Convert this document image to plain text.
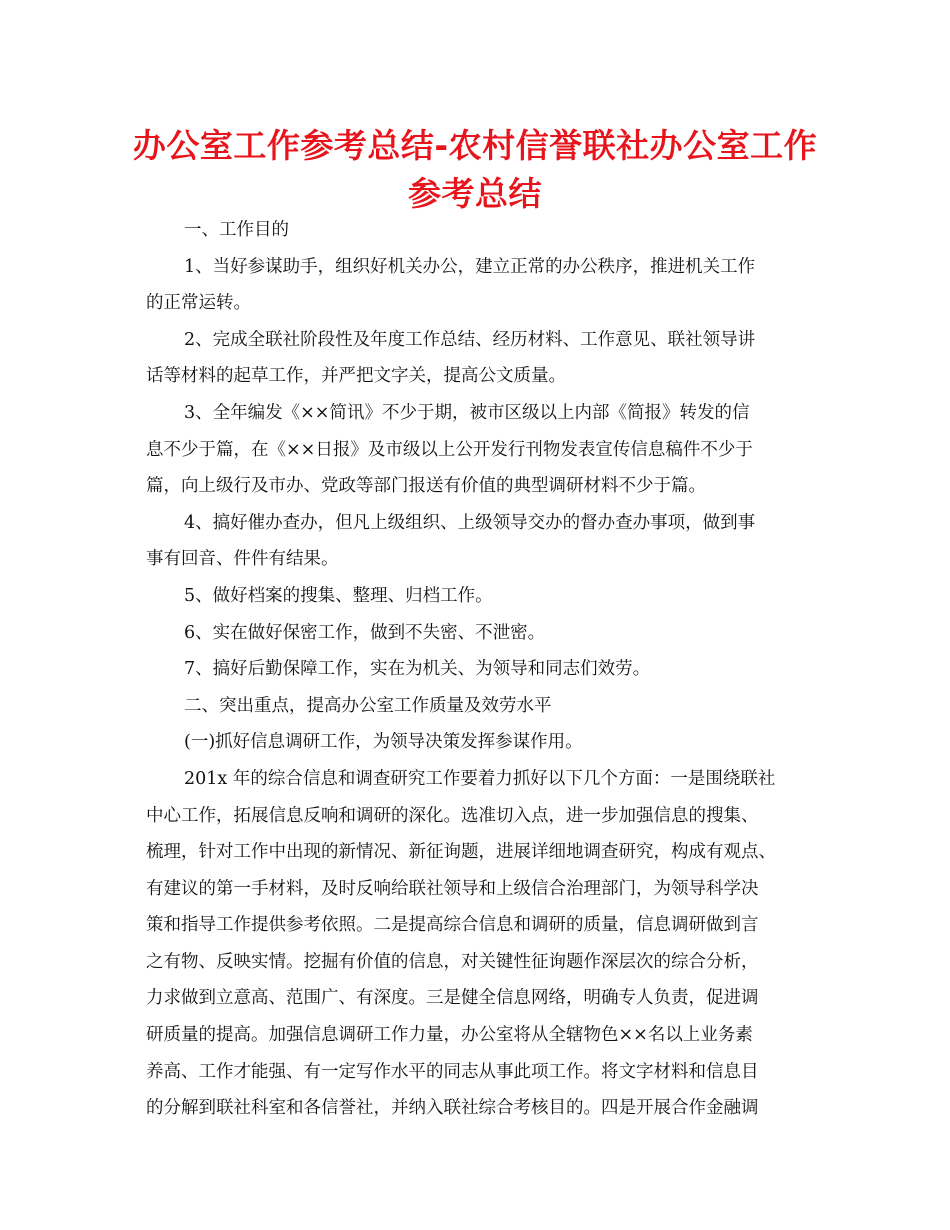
办公室工作参考总结-农村信誉联社办公室工作
参考总结
一、工作目的
1、当好参谋助手，组织好机关办公，建立正常的办公秩序，推进机关工作
的正常运转。
2、完成全联社阶段性及年度工作总结、经历材料、工作意见、联社领导讲
话等材料的起草工作，并严把文字关，提高公文质量。
3、全年编发《××简讯》不少于期，被市区级以上内部《简报》转发的信
息不少于篇，在《××日报》及市级以上公开发行刊物发表宣传信息稿件不少于
篇，向上级行及市办、党政等部门报送有价值的典型调研材料不少于篇。
4、搞好催办查办，但凡上级组织、上级领导交办的督办查办事项，做到事
事有回音、件件有结果。
5、做好档案的搜集、整理、归档工作。
6、实在做好保密工作，做到不失密、不泄密。
7、搞好后勤保障工作，实在为机关、为领导和同志们效劳。
二、突出重点，提高办公室工作质量及效劳水平
(一)抓好信息调研工作，为领导决策发挥参谋作用。
201x 年的综合信息和调查研究工作要着力抓好以下几个方面：一是围绕联社
中心工作，拓展信息反响和调研的深化。选准切入点，进一步加强信息的搜集、
梳理，针对工作中出现的新情况、新征询题，进展详细地调查研究，构成有观点、
有建议的第一手材料，及时反响给联社领导和上级信合治理部门，为领导科学决
策和指导工作提供参考依照。二是提高综合信息和调研的质量，信息调研做到言
之有物、反映实情。挖掘有价值的信息，对关键性征询题作深层次的综合分析，
力求做到立意高、范围广、有深度。三是健全信息网络，明确专人负责，促进调
研质量的提高。加强信息调研工作力量，办公室将从全辖物色××名以上业务素
养高、工作才能强、有一定写作水平的同志从事此项工作。将文字材料和信息目
的分解到联社科室和各信誉社，并纳入联社综合考核目的。四是开展合作金融调
